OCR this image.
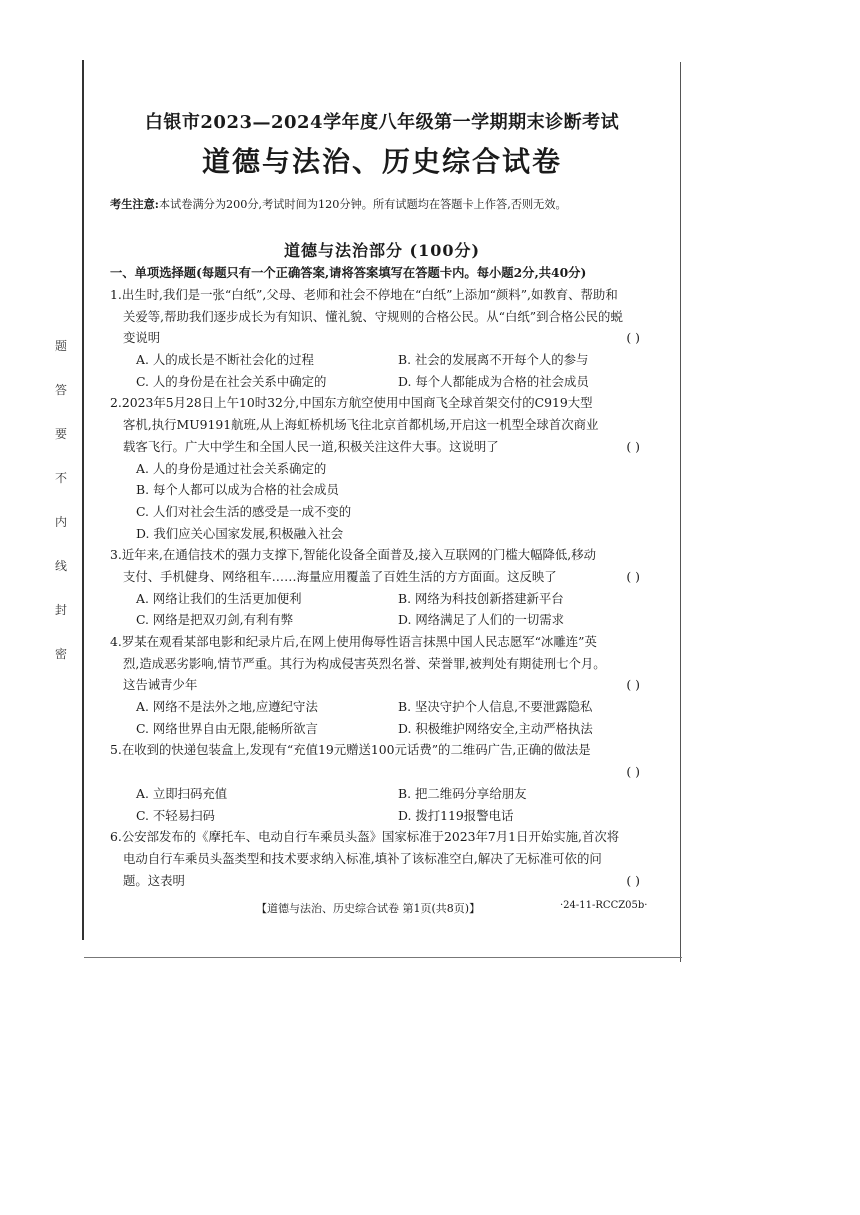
题
答
要
不
内
线
封
密
白银市2023—2024学年度八年级第一学期期末诊断考试
道德与法治、历史综合试卷
考生注意:本试卷满分为200分,考试时间为120分钟。所有试题均在答题卡上作答,否则无效。
道德与法治部分 (100分)
一、单项选择题(每题只有一个正确答案,请将答案填写在答题卡内。每小题2分,共40分)
1.出生时,我们是一张“白纸”,父母、老师和社会不停地在“白纸”上添加“颜料”,如教育、帮助和
关爱等,帮助我们逐步成长为有知识、懂礼貌、守规则的合格公民。从“白纸”到合格公民的蜕
变说明	( )
A. 人的成长是不断社会化的过程	B. 社会的发展离不开每个人的参与
C. 人的身份是在社会关系中确定的	D. 每个人都能成为合格的社会成员
2.2023年5月28日上午10时32分,中国东方航空使用中国商飞全球首架交付的C919大型
客机,执行MU9191航班,从上海虹桥机场飞往北京首都机场,开启这一机型全球首次商业
载客飞行。广大中学生和全国人民一道,积极关注这件大事。这说明了	( )
A. 人的身份是通过社会关系确定的
B. 每个人都可以成为合格的社会成员
C. 人们对社会生活的感受是一成不变的
D. 我们应关心国家发展,积极融入社会
3.近年来,在通信技术的强力支撑下,智能化设备全面普及,接入互联网的门槛大幅降低,移动
支付、手机健身、网络租车……海量应用覆盖了百姓生活的方方面面。这反映了	( )
A. 网络让我们的生活更加便利	B. 网络为科技创新搭建新平台
C. 网络是把双刃剑,有利有弊	D. 网络满足了人们的一切需求
4.罗某在观看某部电影和纪录片后,在网上使用侮辱性语言抹黑中国人民志愿军“冰雕连”英
烈,造成恶劣影响,情节严重。其行为构成侵害英烈名誉、荣誉罪,被判处有期徒刑七个月。
这告诫青少年	( )
A. 网络不是法外之地,应遵纪守法	B. 坚决守护个人信息,不要泄露隐私
C. 网络世界自由无限,能畅所欲言	D. 积极维护网络安全,主动严格执法
5.在收到的快递包装盒上,发现有“充值19元赠送100元话费”的二维码广告,正确的做法是
( )
A. 立即扫码充值	B. 把二维码分享给朋友
C. 不轻易扫码	D. 拨打119报警电话
6.公安部发布的《摩托车、电动自行车乘员头盔》国家标准于2023年7月1日开始实施,首次将
电动自行车乘员头盔类型和技术要求纳入标准,填补了该标准空白,解决了无标准可依的问
题。这表明	( )
【道德与法治、历史综合试卷 第1页(共8页)】	·24-11-RCCZ05b·
